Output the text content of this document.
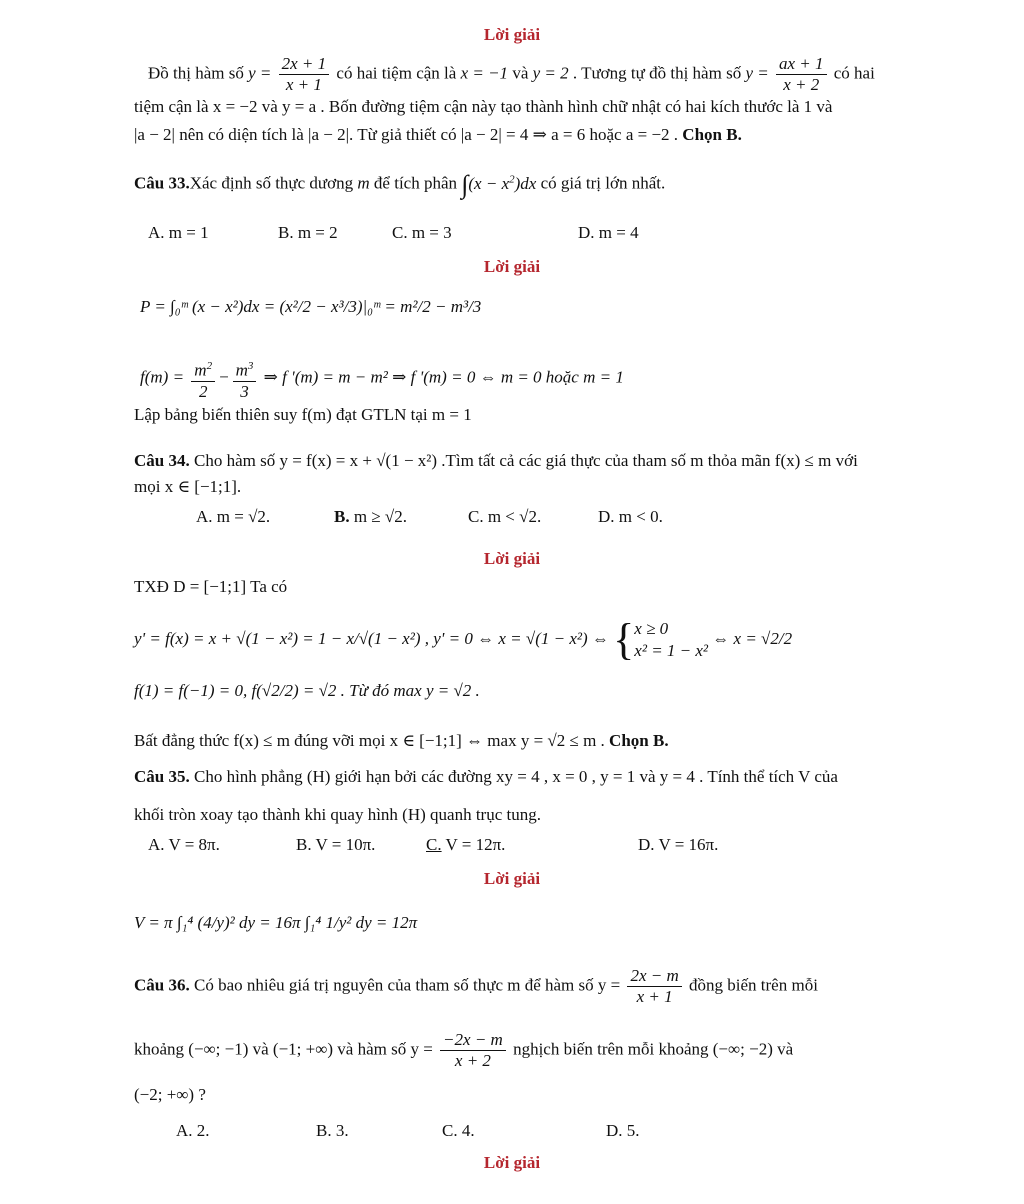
Lời giải
Đồ thị hàm số $y = \frac{2x + 1}{x + 1}$ có hai tiệm cận là x = −1 và y = 2 . Tương tự đồ thị hàm số $y = \frac{ax + 1}{x + 2}$ có hai
tiệm cận là x = −2 và y = a . Bốn đường tiệm cận này tạo thành hình chữ nhật có hai kích thước là 1 và
|a − 2| nên có diện tích là |a − 2|. Từ giả thiết có |a − 2| = 4 ⇒ a = 6 hoặc a = −2 . Chọn B.
Câu 33.Xác định số thực dương m để tích phân $\int(x - x^2)dx$ có giá trị lớn nhất.
A. m = 1	B. m = 2	C. m = 3	D. m = 4
Lời giải
P = ∫₀ᵐ (x − x²)dx = (x²/2 − x³/3)|₀ᵐ = m²/2 − m³/3
$f(m) = \frac{m^2}{2} - \frac{m^3}{3}$ ⇒ f '(m) = m − m² ⇒ f '(m) = 0 ⇔ m = 0 hoặc m = 1
Lập bảng biến thiên suy f(m) đạt GTLN tại m = 1
Câu 34. Cho hàm số y = f(x) = x + √(1 − x²) .Tìm tất cả các giá thực của tham số m thỏa mãn f(x) ≤ m với
mọi x ∈ [−1;1].
A. m = √2.	B. m ≥ √2.	C. m < √2.	D. m < 0.
Lời giải
TXĐ D = [−1;1] Ta có
y' = f(x) = x + √(1 − x²) = 1 − x/√(1 − x²) , y' = 0 ⇔ x = √(1 − x²) ⇔ { x ≥ 0
x² = 1 − x²
⇔ x = √2/2
f(1) = f(−1) = 0, f(√2/2) = √2 . Từ đó max y = √2 .
Bất đẳng thức f(x) ≤ m đúng vỡi mọi x ∈ [−1;1] ⇔ max y = √2 ≤ m . Chọn B.
Câu 35. Cho hình phẳng (H) giới hạn bởi các đường xy = 4 , x = 0 , y = 1 và y = 4 . Tính thể tích V của
khối tròn xoay tạo thành khi quay hình (H) quanh trục tung.
A. V = 8π.	B. V = 10π.	C. V = 12π.	D. V = 16π.
Lời giải
V = π ∫₁⁴ (4/y)² dy = 16π ∫₁⁴ 1/y² dy = 12π
Câu 36. Có bao nhiêu giá trị nguyên của tham số thực m để hàm số $y = \frac{2x - m}{x + 1}$ đồng biến trên mỗi
khoảng (−∞; −1) và (−1; +∞) và hàm số $y = \frac{-2x - m}{x + 2}$ nghịch biến trên mỗi khoảng (−∞; −2) và
(−2; +∞) ?
A. 2.	B. 3.	C. 4.	D. 5.
Lời giải
